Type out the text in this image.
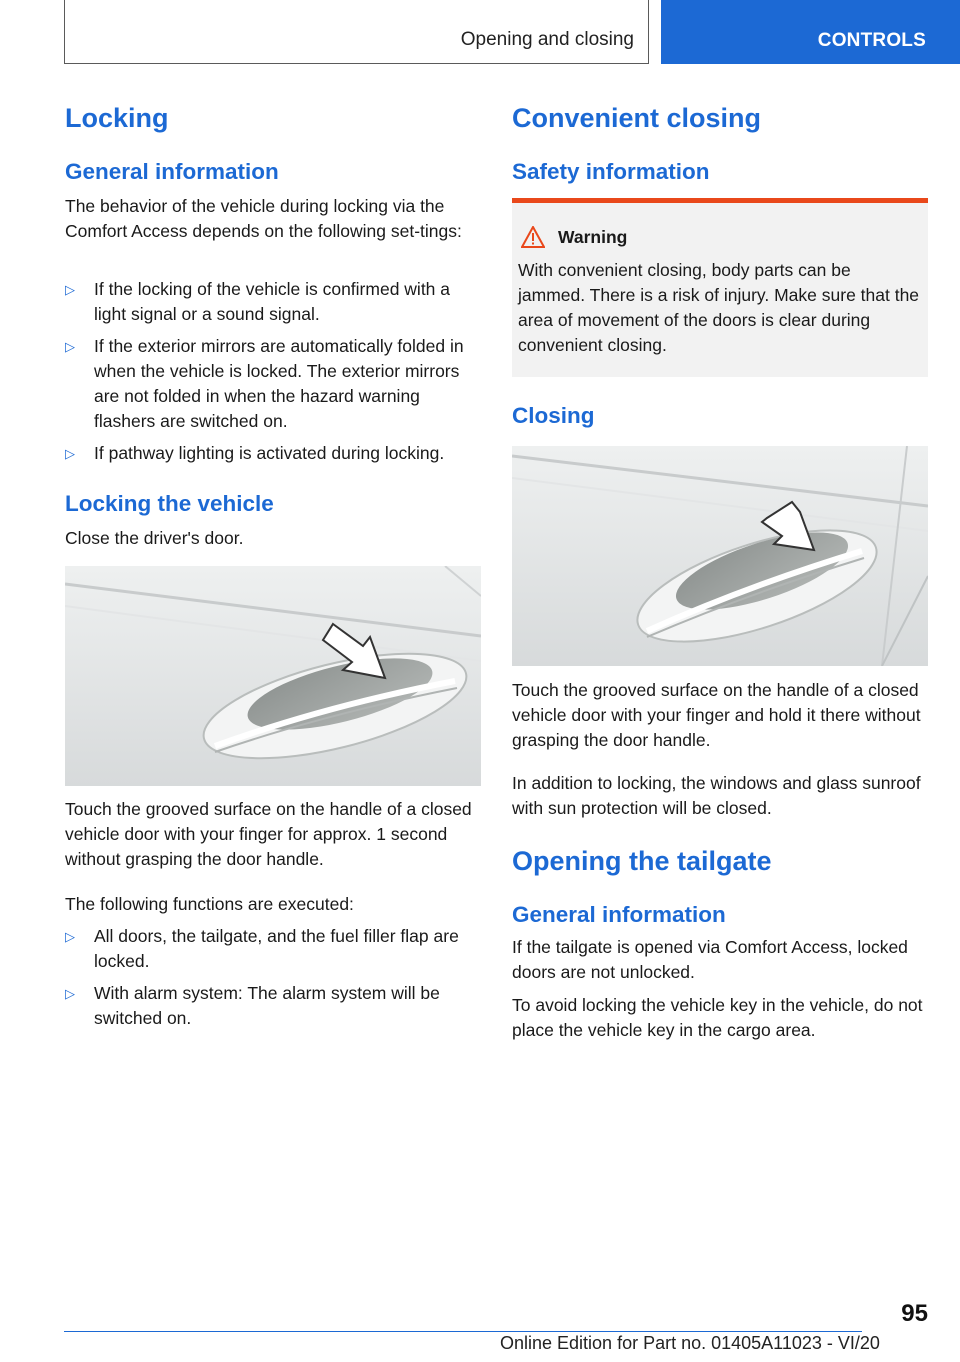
Opening and closing	CONTROLS
Locking
General information

The behavior of the vehicle during locking via the Comfort Access depends on the following set-tings:

▷ If the locking of the vehicle is confirmed with a light signal or a sound signal.
▷ If the exterior mirrors are automatically folded in when the vehicle is locked. The exterior mirrors are not folded in when the hazard warning flashers are switched on.
▷ If pathway lighting is activated during locking.
Locking the vehicle

Close the driver's door.

Touch the grooved surface on the handle of a closed vehicle door with your finger for approx. 1 second without grasping the door handle.

The following functions are executed:

▷ All doors, the tailgate, and the fuel filler flap are locked.
▷ With alarm system: The alarm system will be switched on.
Convenient closing
Safety information
Warning
With convenient closing, body parts can be jammed. There is a risk of injury. Make sure that the area of movement of the doors is clear during convenient closing.
Closing

Touch the grooved surface on the handle of a closed vehicle door with your finger and hold it there without grasping the door handle.

In addition to locking, the windows and glass sunroof with sun protection will be closed.

Opening the tailgate
General information

If the tailgate is opened via Comfort Access, locked doors are not unlocked.

To avoid locking the vehicle key in the vehicle, do not place the vehicle key in the cargo area.

95
Online Edition for Part no. 01405A11023 - VI/20
